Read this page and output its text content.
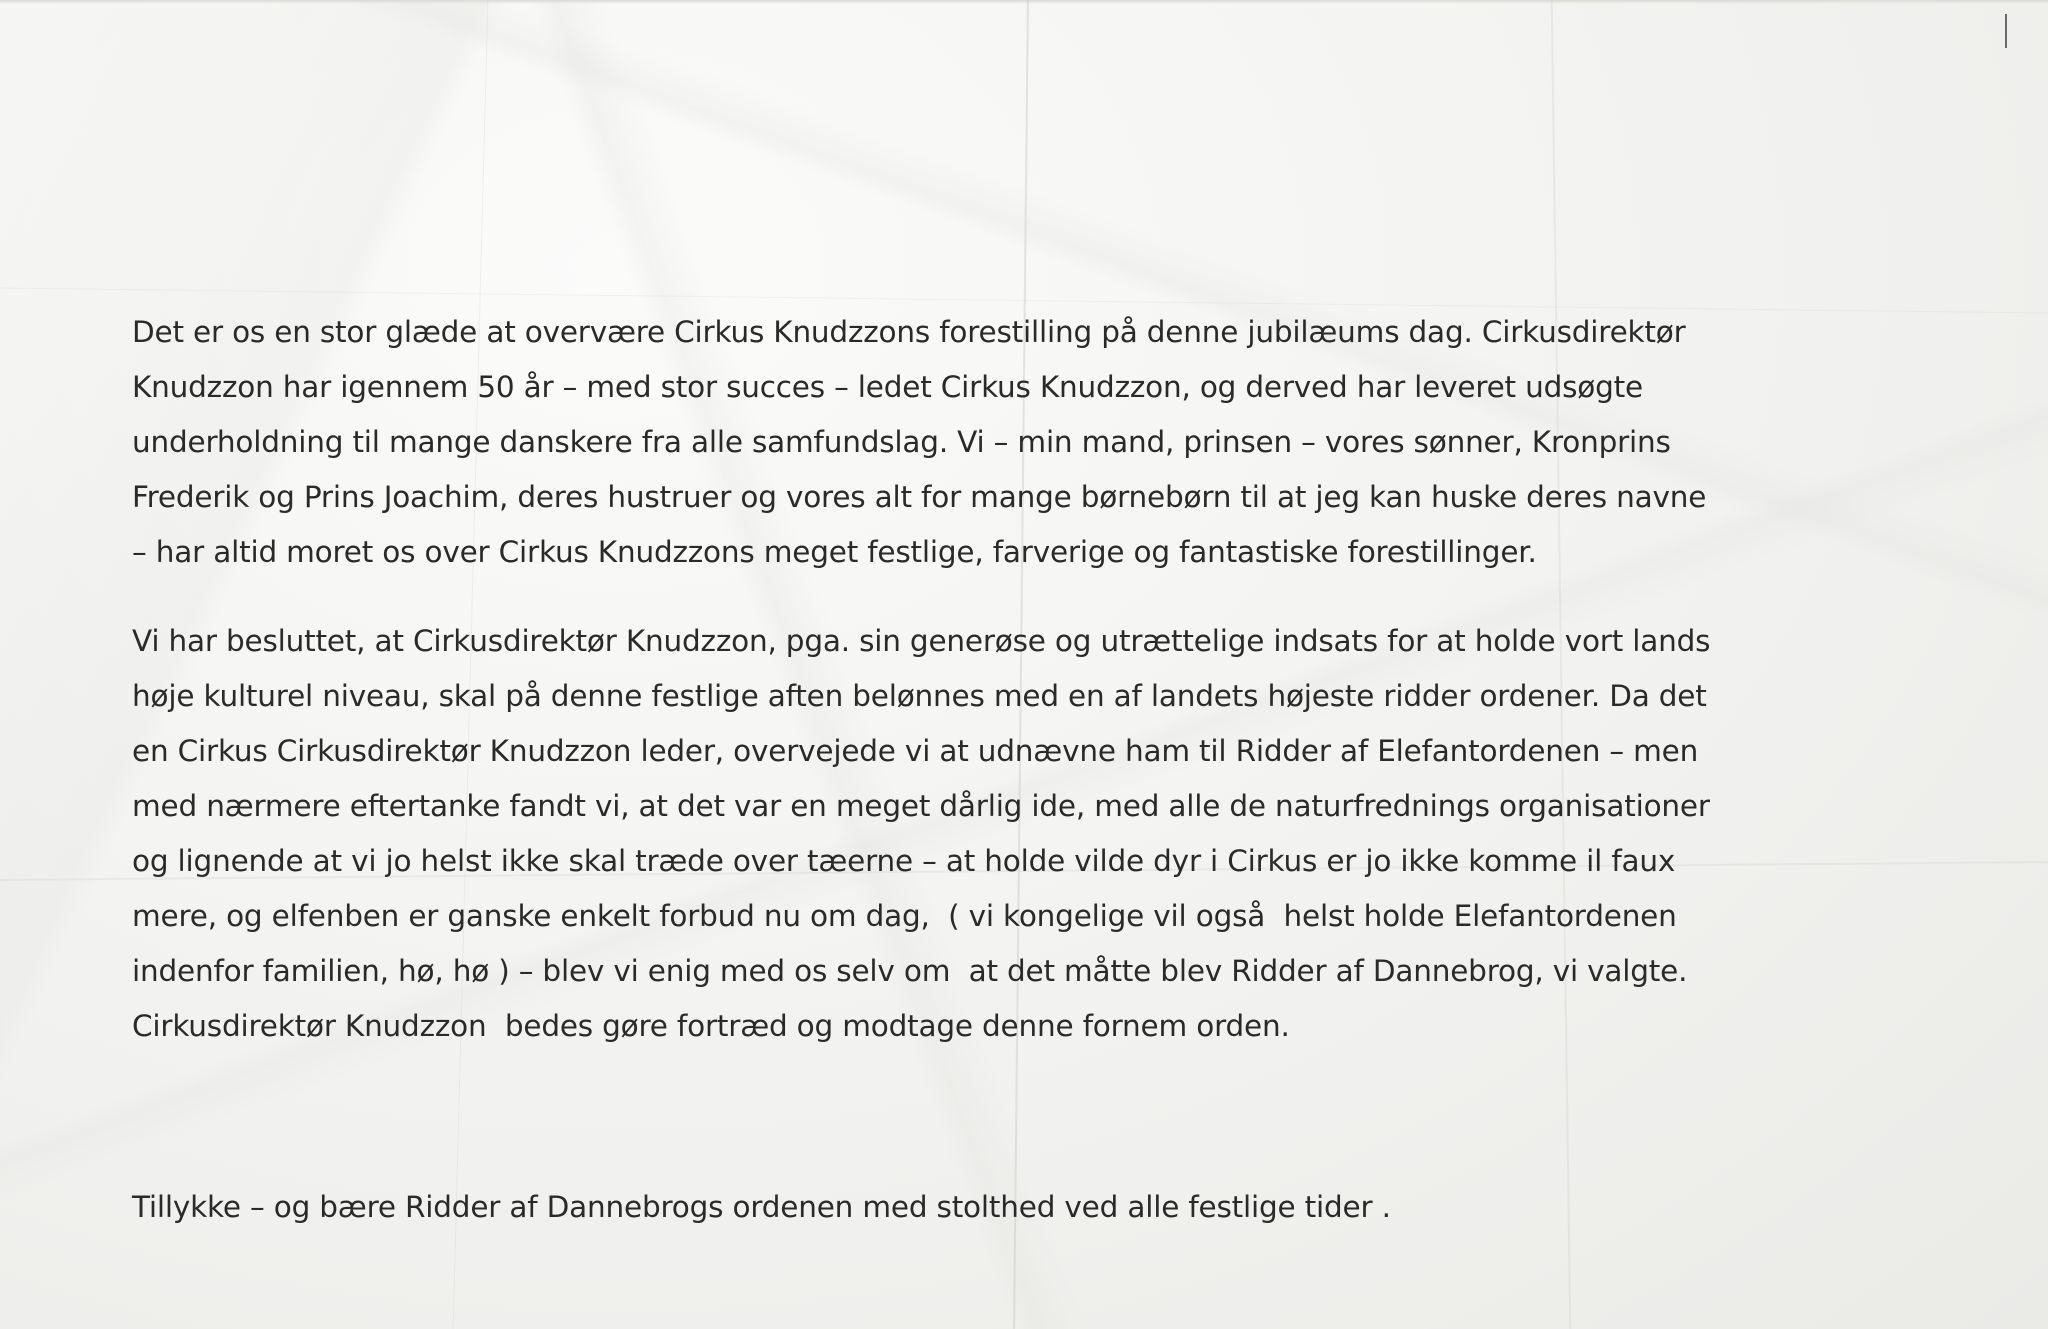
Det er os en stor glæde at overvære Cirkus Knudzzons forestilling på denne jubilæums dag. Cirkusdirektør
Knudzzon har igennem 50 år – med stor succes – ledet Cirkus Knudzzon, og derved har leveret udsøgte
underholdning til mange danskere fra alle samfundslag. Vi – min mand, prinsen – vores sønner, Kronprins
Frederik og Prins Joachim, deres hustruer og vores alt for mange børnebørn til at jeg kan huske deres navne
– har altid moret os over Cirkus Knudzzons meget festlige, farverige og fantastiske forestillinger.

Vi har besluttet, at Cirkusdirektør Knudzzon, pga. sin generøse og utrættelige indsats for at holde vort lands
høje kulturel niveau, skal på denne festlige aften belønnes med en af landets højeste ridder ordener. Da det
en Cirkus Cirkusdirektør Knudzzon leder, overvejede vi at udnævne ham til Ridder af Elefantordenen – men
med nærmere eftertanke fandt vi, at det var en meget dårlig ide, med alle de naturfrednings organisationer
og lignende at vi jo helst ikke skal træde over tæerne – at holde vilde dyr i Cirkus er jo ikke komme il faux
mere, og elfenben er ganske enkelt forbud nu om dag,  ( vi kongelige vil også  helst holde Elefantordenen
indenfor familien, hø, hø ) – blev vi enig med os selv om  at det måtte blev Ridder af Dannebrog, vi valgte.
Cirkusdirektør Knudzzon  bedes gøre fortræd og modtage denne fornem orden.

Tillykke – og bære Ridder af Dannebrogs ordenen med stolthed ved alle festlige tider .
